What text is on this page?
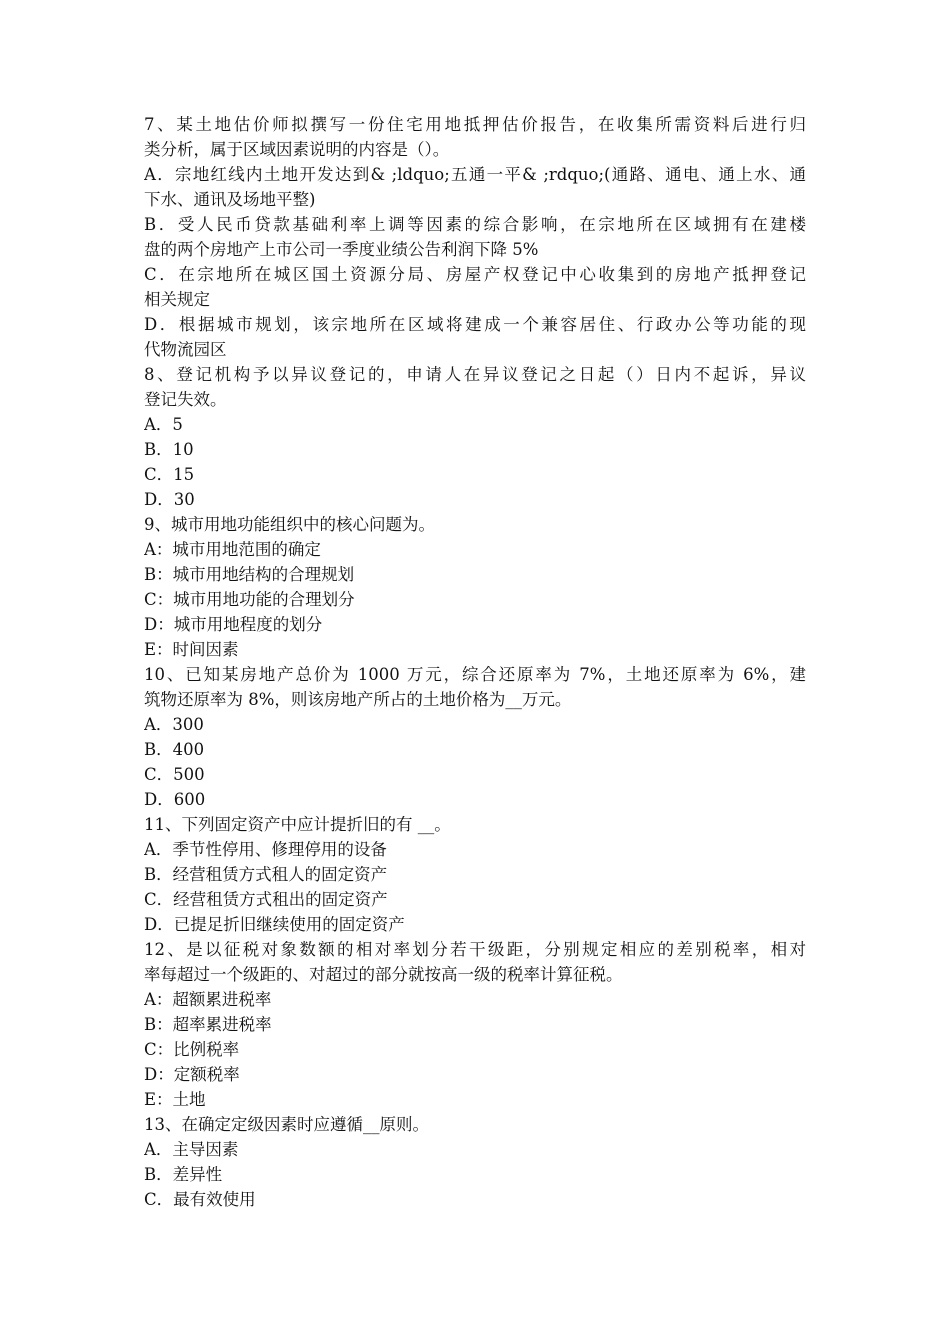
7、某土地估价师拟撰写一份住宅用地抵押估价报告，在收集所需资料后进行归
类分析，属于区域因素说明的内容是（）。
A．宗地红线内土地开发达到& ;ldquo;五通一平& ;rdquo;(通路、通电、通上水、通
下水、通讯及场地平整)
B．受人民币贷款基础利率上调等因素的综合影响，在宗地所在区域拥有在建楼
盘的两个房地产上市公司一季度业绩公告利润下降 5%
C．在宗地所在城区国土资源分局、房屋产权登记中心收集到的房地产抵押登记
相关规定
D．根据城市规划，该宗地所在区域将建成一个兼容居住、行政办公等功能的现
代物流园区
8、登记机构予以异议登记的，申请人在异议登记之日起（）日内不起诉，异议
登记失效。
A．5
B．10
C．15
D．30
9、城市用地功能组织中的核心问题为。
A：城市用地范围的确定
B：城市用地结构的合理规划
C：城市用地功能的合理划分
D：城市用地程度的划分
E：时间因素
10、已知某房地产总价为 1000 万元，综合还原率为 7%，土地还原率为 6%，建
筑物还原率为 8%，则该房地产所占的土地价格为__万元。
A．300
B．400
C．500
D．600
11、下列固定资产中应计提折旧的有 __。
A．季节性停用、修理停用的设备
B．经营租赁方式租人的固定资产
C．经营租赁方式租出的固定资产
D．已提足折旧继续使用的固定资产
12、是以征税对象数额的相对率划分若干级距，分别规定相应的差别税率，相对
率每超过一个级距的、对超过的部分就按高一级的税率计算征税。
A：超额累进税率
B：超率累进税率
C：比例税率
D：定额税率
E：土地
13、在确定定级因素时应遵循__原则。
A．主导因素
B．差异性
C．最有效使用
